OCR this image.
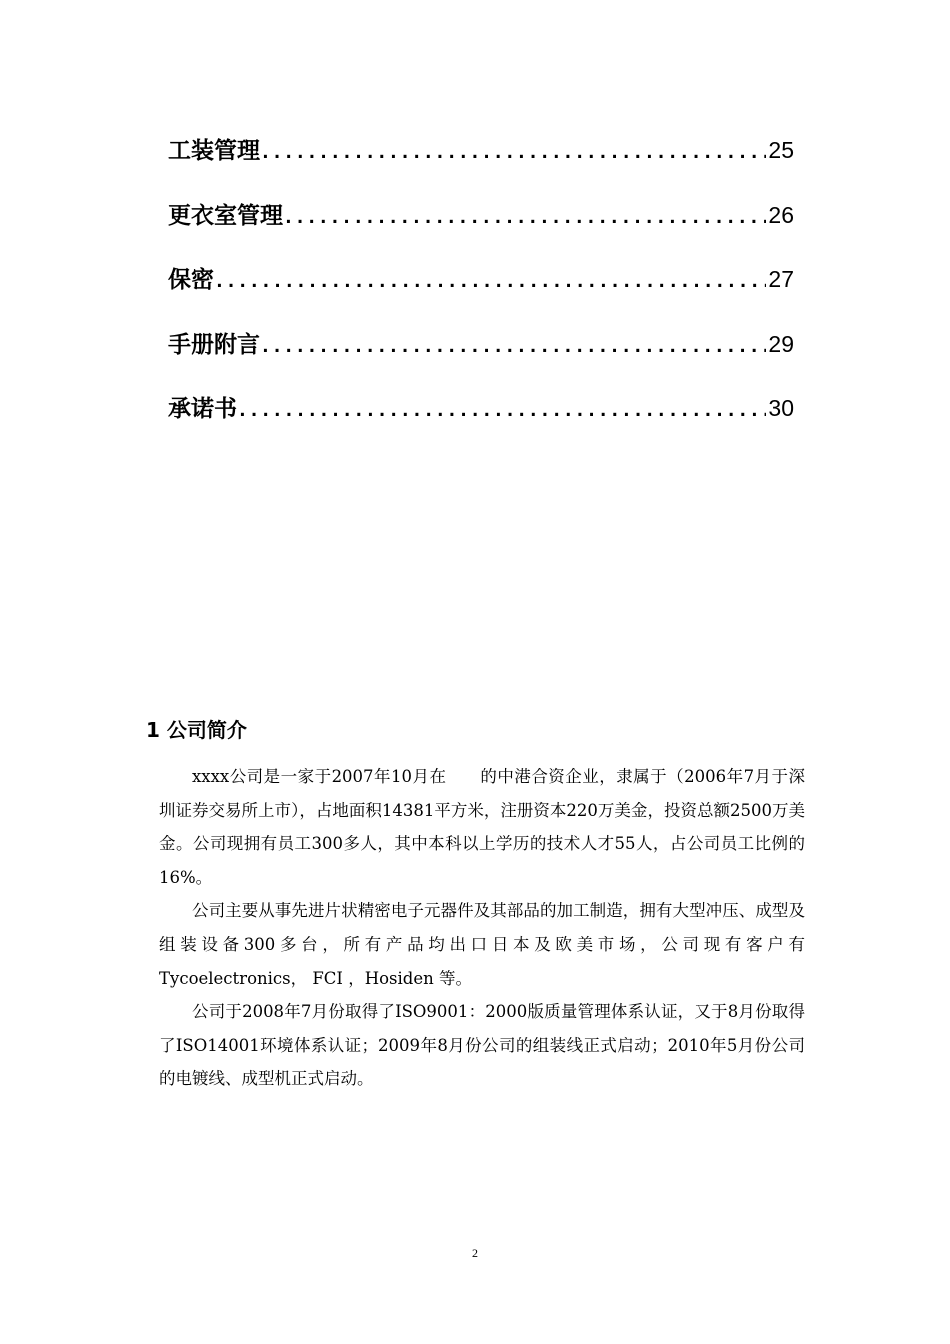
工装管理 .....	25
更衣室管理 .....	26
保密 .....	27
手册附言 .....	29
承诺书 .....	30
1 公司简介

xxxx公司是一家于2007年10月在　　的中港合资企业，隶属于（2006年7月于深圳证券交易所上市），占地面积14381平方米，注册资本220万美金，投资总额2500万美金。公司现拥有员工300多人，其中本科以上学历的技术人才55人，占公司员工比例的16%。

公司主要从事先进片状精密电子元器件及其部品的加工制造，拥有大型冲压、成型及组装设备300多台，所有产品均出口日本及欧美市场，公司现有客户有Tycoelectronics， FCI ，Hosiden 等。

公司于2008年7月份取得了ISO9001：2000版质量管理体系认证，又于8月份取得了ISO14001环境体系认证；2009年8月份公司的组装线正式启动；2010年5月份公司的电镀线、成型机正式启动。

2
